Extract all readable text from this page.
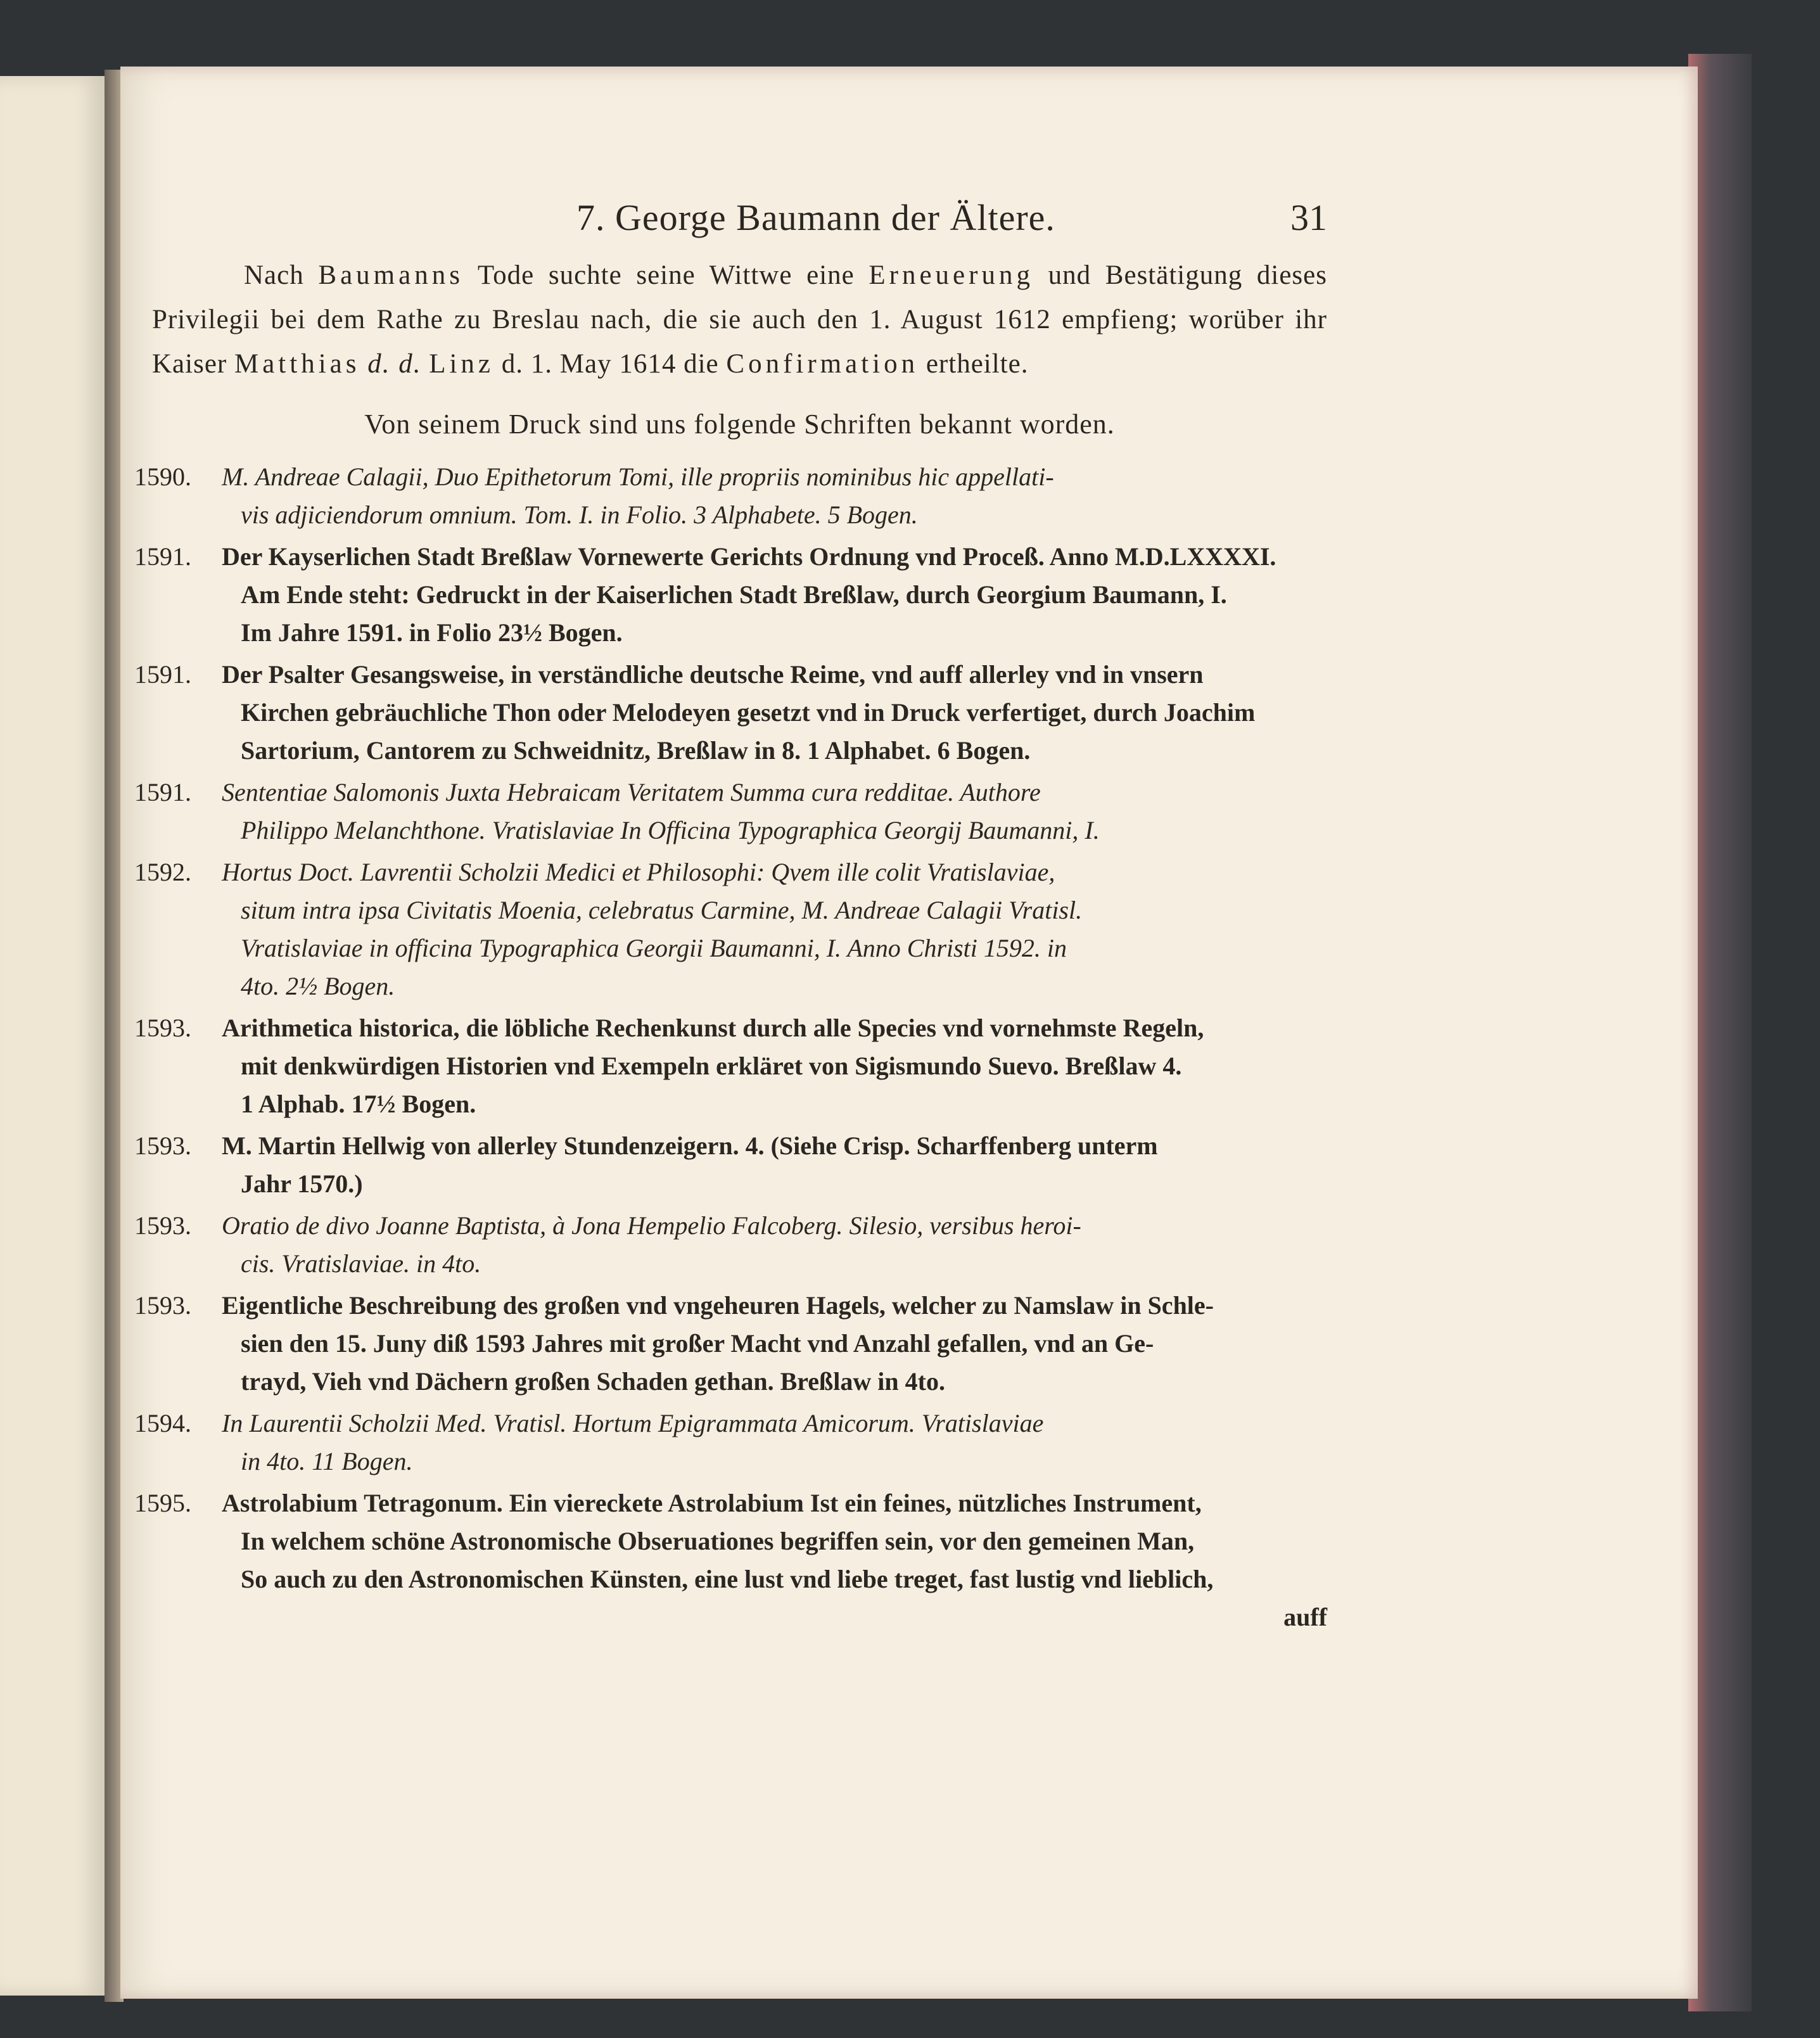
7. George Baumann der Ältere.	31

Nach Baumanns Tode suchte seine Wittwe eine Erneuerung und Bestätigung dieses Privilegii bei dem Rathe zu Breslau nach, die sie auch den 1. August 1612 empfieng; worüber ihr Kaiser Matthias d. d. Linz d. 1. May 1614 die Confirmation ertheilte.

Von seinem Druck sind uns folgende Schriften bekannt worden.
1590.	M. Andreae Calagii, Duo Epithetorum Tomi, ille propriis nominibus hic appellati-
vis adjiciendorum omnium. Tom. I. in Folio. 3 Alphabete. 5 Bogen.
1591.	Der Kayserlichen Stadt Breßlaw Vornewerte Gerichts Ordnung vnd Proceß. Anno M.D.LXXXXI.
Am Ende steht: Gedruckt in der Kaiserlichen Stadt Breßlaw, durch Georgium Baumann, I.
Im Jahre 1591. in Folio 23½ Bogen.
1591.	Der Psalter Gesangsweise, in verständliche deutsche Reime, vnd auff allerley vnd in vnsern
Kirchen gebräuchliche Thon oder Melodeyen gesetzt vnd in Druck verfertiget, durch Joachim
Sartorium, Cantorem zu Schweidnitz, Breßlaw in 8. 1 Alphabet. 6 Bogen.
1591.	Sententiae Salomonis Juxta Hebraicam Veritatem Summa cura redditae. Authore
Philippo Melanchthone. Vratislaviae In Officina Typographica Georgij Baumanni, I.
1592.	Hortus Doct. Lavrentii Scholzii Medici et Philosophi: Qvem ille colit Vratislaviae,
situm intra ipsa Civitatis Moenia, celebratus Carmine, M. Andreae Calagii Vratisl.
Vratislaviae in officina Typographica Georgii Baumanni, I. Anno Christi 1592. in
4to. 2½ Bogen.
1593.	Arithmetica historica, die löbliche Rechenkunst durch alle Species vnd vornehmste Regeln,
mit denkwürdigen Historien vnd Exempeln erkläret von Sigismundo Suevo. Breßlaw 4.
1 Alphab. 17½ Bogen.
1593.	M. Martin Hellwig von allerley Stundenzeigern. 4. (Siehe Crisp. Scharffenberg unterm
Jahr 1570.)
1593.	Oratio de divo Joanne Baptista, à Jona Hempelio Falcoberg. Silesio, versibus heroi-
cis. Vratislaviae. in 4to.
1593.	Eigentliche Beschreibung des großen vnd vngeheuren Hagels, welcher zu Namslaw in Schle-
sien den 15. Juny diß 1593 Jahres mit großer Macht vnd Anzahl gefallen, vnd an Ge-
trayd, Vieh vnd Dächern großen Schaden gethan. Breßlaw in 4to.
1594.	In Laurentii Scholzii Med. Vratisl. Hortum Epigrammata Amicorum. Vratislaviae
in 4to. 11 Bogen.
1595.	Astrolabium Tetragonum. Ein viereckete Astrolabium Ist ein feines, nützliches Instrument,
In welchem schöne Astronomische Obseruationes begriffen sein, vor den gemeinen Man,
So auch zu den Astronomischen Künsten, eine lust vnd liebe treget, fast lustig vnd lieblich,
auff
